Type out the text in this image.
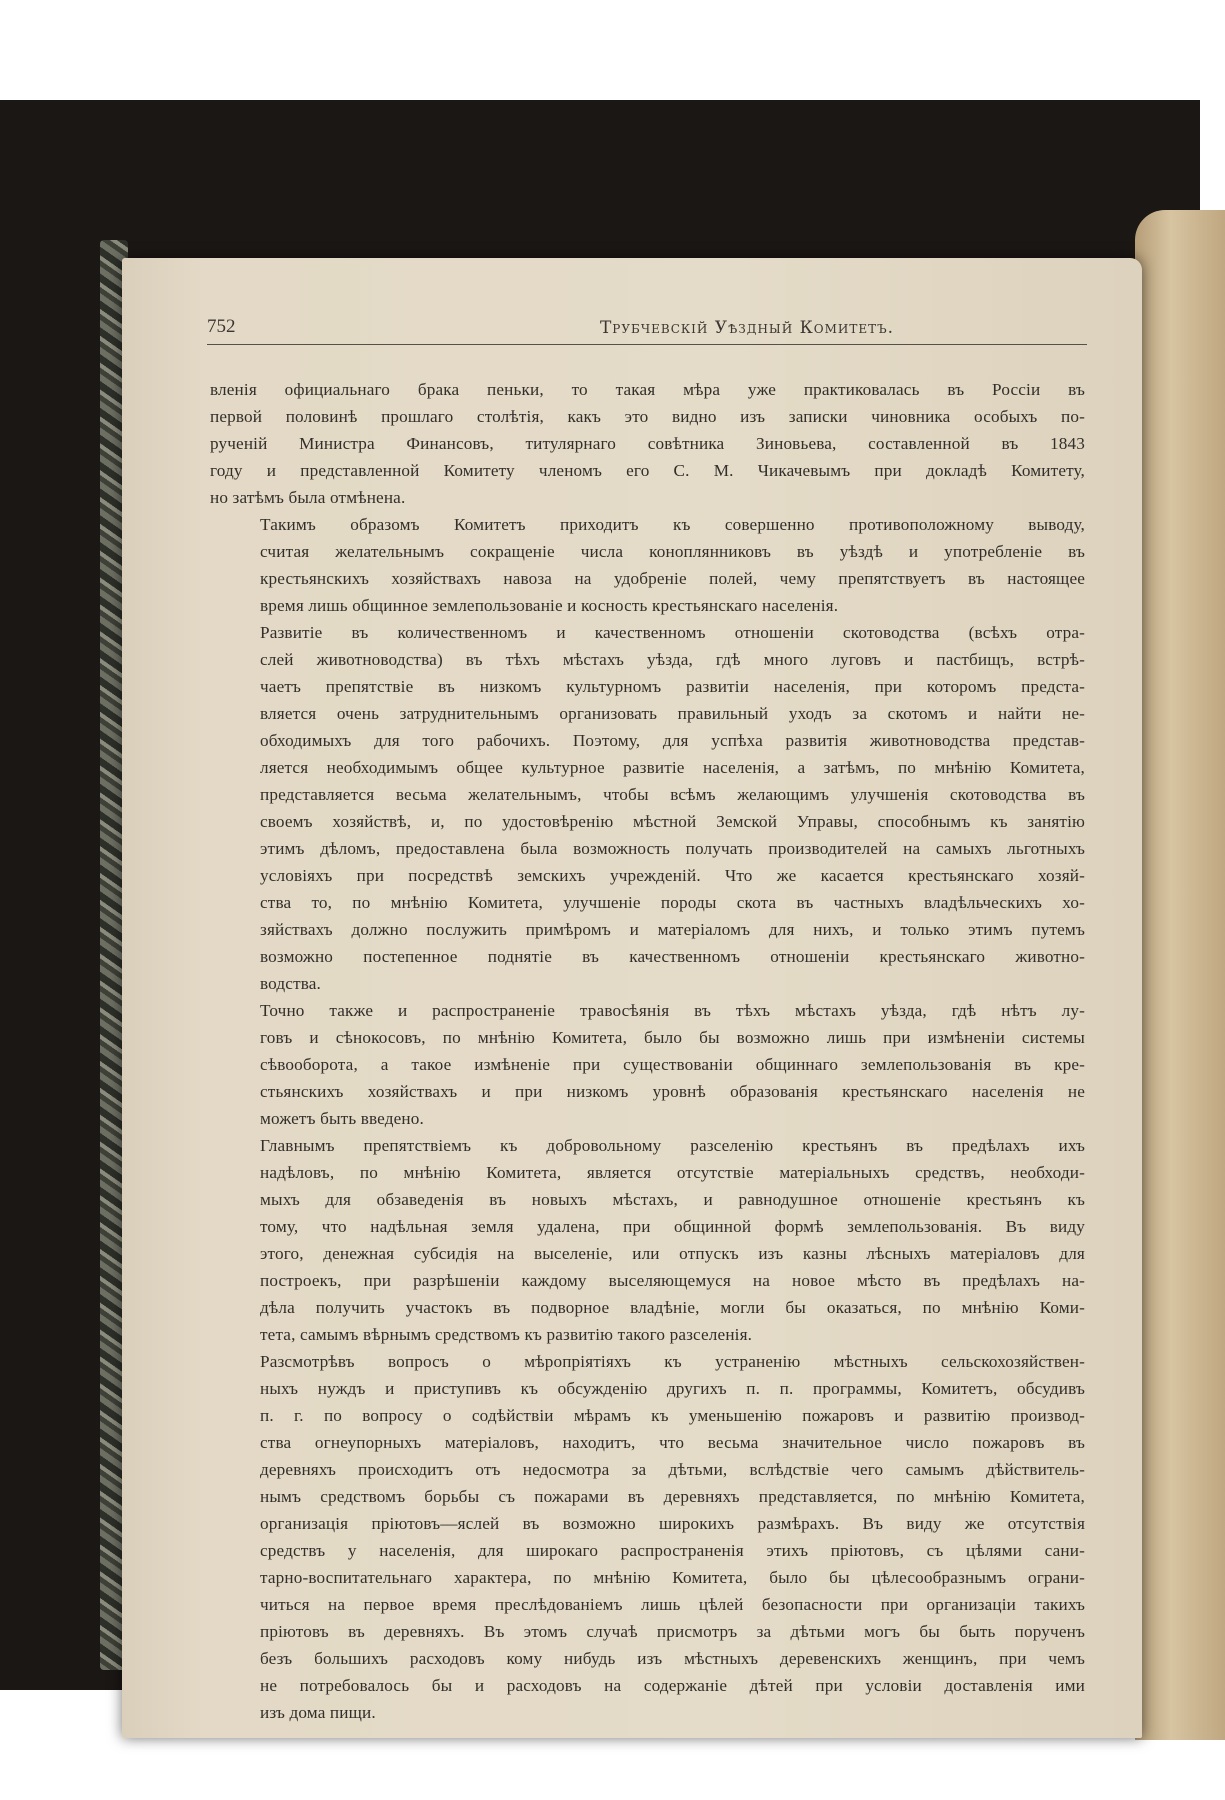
752	Трубчевскій Уѣздный Комитетъ.

вленія официальнаго брака пеньки, то такая мѣра уже практиковалась въ Россіи въ
первой половинѣ прошлаго столѣтія, какъ это видно изъ записки чиновника особыхъ по-
ручeній Министра Финансовъ, титулярнаго совѣтника Зиновьева, составленной въ 1843
году и представленной Комитету членомъ его С. М. Чикачевымъ при докладѣ Комитету,
но затѣмъ была отмѣнена.

Такимъ образомъ Комитетъ приходитъ къ совершенно противоположному выводу,
считая желательнымъ сокращеніе числа коноплянниковъ въ уѣздѣ и употребленіе въ
крестьянскихъ хозяйствахъ навоза на удобреніе полей, чему препятствуетъ въ настоящее
время лишь общинное землепользованіе и косность крестьянскаго населенія.

Развитіе въ количественномъ и качественномъ отношеніи скотоводства (всѣхъ отра-
слей животноводства) въ тѣхъ мѣстахъ уѣзда, гдѣ много луговъ и пастбищъ, встрѣ-
чаетъ препятствіе въ низкомъ культурномъ развитіи населенія, при которомъ предста-
вляется очень затруднительнымъ организовать правильный уходъ за скотомъ и найти не-
обходимыхъ для того рабочихъ. Поэтому, для успѣха развитія животноводства представ-
ляется необходимымъ общее культурное развитіе населенія, а затѣмъ, по мнѣнію Комитета,
представляется весьма желательнымъ, чтобы всѣмъ желающимъ улучшенія скотоводства въ
своемъ хозяйствѣ, и, по удостовѣренію мѣстной Земской Управы, способнымъ къ занятію
этимъ дѣломъ, предоставлена была возможность получать производителей на самыхъ льготныхъ
условіяхъ при посредствѣ земскихъ учрежденій. Что же касается крестьянскаго хозяй-
ства то, по мнѣнію Комитета, улучшеніе породы скота въ частныхъ владѣльческихъ хо-
зяйствахъ должно послужить примѣромъ и матеріаломъ для нихъ, и только этимъ путемъ
возможно постепенное поднятіе въ качественномъ отношеніи крестьянскаго животно-
водства.

Точно также и распространеніе травосѣянія въ тѣхъ мѣстахъ уѣзда, гдѣ нѣтъ лу-
говъ и сѣнокосовъ, по мнѣнію Комитета, было бы возможно лишь при измѣненіи системы
сѣвооборота, а такое измѣненіе при существованіи общиннаго землепользованія въ кре-
стьянскихъ хозяйствахъ и при низкомъ уровнѣ образованія крестьянскаго населенія не
можетъ быть введено.

Главнымъ препятствіемъ къ добровольному разселенію крестьянъ въ предѣлахъ ихъ
надѣловъ, по мнѣнію Комитета, является отсутствіе матеріальныхъ средствъ, необходи-
мыхъ для обзаведенія въ новыхъ мѣстахъ, и равнодушное отношеніе крестьянъ къ
тому, что надѣльная земля удалена, при общинной формѣ землепользованія. Въ виду
этого, денежная субсидія на выселеніе, или отпускъ изъ казны лѣсныхъ матеріаловъ для
построекъ, при разрѣшеніи каждому выселяющемуся на новое мѣсто въ предѣлахъ на-
дѣла получить участокъ въ подворное владѣніе, могли бы оказаться, по мнѣнію Коми-
тета, самымъ вѣрнымъ средствомъ къ развитію такого разселенія.

Разсмотрѣвъ вопросъ о мѣропріятіяхъ къ устраненію мѣстныхъ сельскохозяйствен-
ныхъ нуждъ и приступивъ къ обсужденію другихъ п. п. программы, Комитетъ, обсудивъ
п. г. по вопросу о содѣйствіи мѣрамъ къ уменьшенію пожаровъ и развитію производ-
ства огнеупорныхъ матеріаловъ, находитъ, что весьма значительное число пожаровъ въ
деревняхъ происходитъ отъ недосмотра за дѣтьми, вслѣдствіе чего самымъ дѣйствитель-
нымъ средствомъ борьбы съ пожарами въ деревняхъ представляется, по мнѣнію Комитета,
организація пріютовъ—яслей въ возможно широкихъ размѣрахъ. Въ виду же отсутствія
средствъ у населенія, для широкаго распространенія этихъ пріютовъ, съ цѣлями сани-
тарно-воспитательнаго характера, по мнѣнію Комитета, было бы цѣлесообразнымъ ограни-
читься на первое время преслѣдованіемъ лишь цѣлей безопасности при организаціи такихъ
пріютовъ въ деревняхъ. Въ этомъ случаѣ присмотръ за дѣтьми могъ бы быть порученъ
безъ большихъ расходовъ кому нибудь изъ мѣстныхъ деревенскихъ женщинъ, при чемъ
не потребовалось бы и расходовъ на содержаніе дѣтей при условіи доставленія ими
изъ дома пищи.
